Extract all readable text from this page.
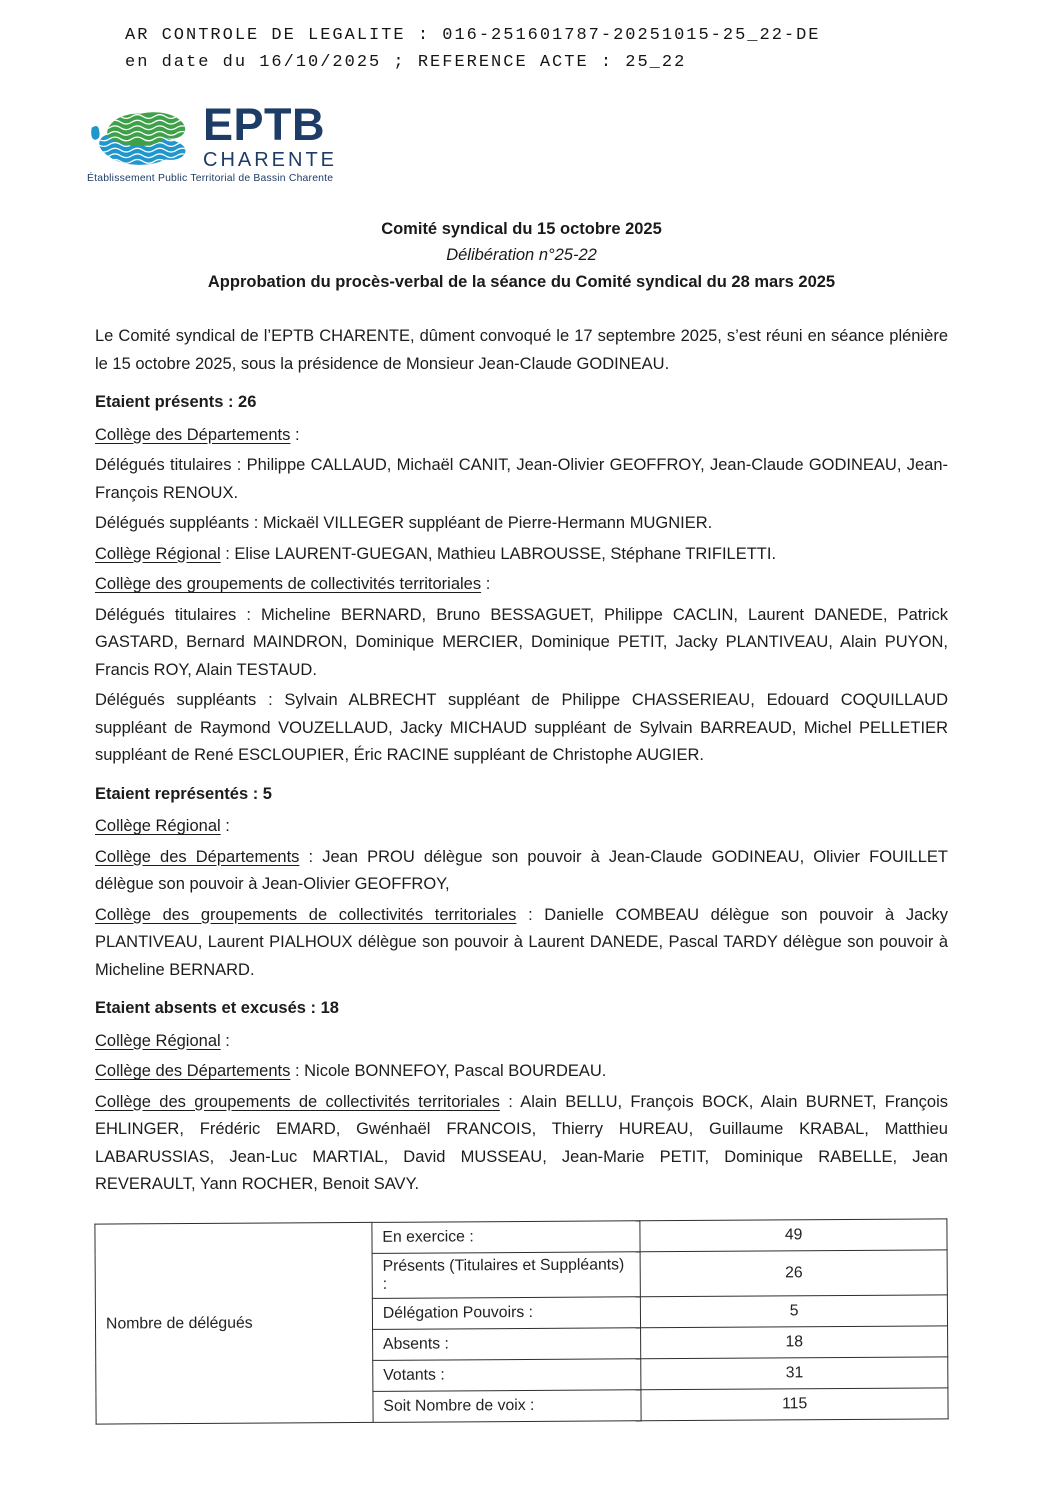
AR CONTROLE DE LEGALITE : 016-251601787-20251015-25_22-DE
en date du 16/10/2025 ; REFERENCE ACTE : 25_22
EPTB
CHARENTE
Établissement Public Territorial de Bassin Charente
Comité syndical du 15 octobre 2025
Délibération n°25-22
Approbation du procès-verbal de la séance du Comité syndical du 28 mars 2025

Le Comité syndical de l’EPTB CHARENTE, dûment convoqué le 17 septembre 2025, s’est réuni en séance plénière le 15 octobre 2025, sous la présidence de Monsieur Jean-Claude GODINEAU.

Etaient présents : 26

Collège des Départements :

Délégués titulaires : Philippe CALLAUD, Michaël CANIT, Jean-Olivier GEOFFROY, Jean-Claude GODINEAU, Jean-François RENOUX.

Délégués suppléants : Mickaël VILLEGER suppléant de Pierre-Hermann MUGNIER.

Collège Régional : Elise LAURENT-GUEGAN, Mathieu LABROUSSE, Stéphane TRIFILETTI.

Collège des groupements de collectivités territoriales :

Délégués titulaires : Micheline BERNARD, Bruno BESSAGUET, Philippe CACLIN, Laurent DANEDE, Patrick GASTARD, Bernard MAINDRON, Dominique MERCIER, Dominique PETIT, Jacky PLANTIVEAU, Alain PUYON, Francis ROY, Alain TESTAUD.

Délégués suppléants : Sylvain ALBRECHT suppléant de Philippe CHASSERIEAU, Edouard COQUILLAUD suppléant de Raymond VOUZELLAUD, Jacky MICHAUD suppléant de Sylvain BARREAUD, Michel PELLETIER suppléant de René ESCLOUPIER, Éric RACINE suppléant de Christophe AUGIER.

Etaient représentés : 5

Collège Régional :

Collège des Départements : Jean PROU délègue son pouvoir à Jean-Claude GODINEAU, Olivier FOUILLET délègue son pouvoir à Jean-Olivier GEOFFROY,

Collège des groupements de collectivités territoriales : Danielle COMBEAU délègue son pouvoir à Jacky PLANTIVEAU, Laurent PIALHOUX délègue son pouvoir à Laurent DANEDE, Pascal TARDY délègue son pouvoir à Micheline BERNARD.

Etaient absents et excusés : 18

Collège Régional :

Collège des Départements : Nicole BONNEFOY, Pascal BOURDEAU.

Collège des groupements de collectivités territoriales : Alain BELLU, François BOCK, Alain BURNET, François EHLINGER, Frédéric EMARD, Gwénhaël FRANCOIS, Thierry HUREAU, Guillaume KRABAL, Matthieu LABARUSSIAS, Jean-Luc MARTIAL, David MUSSEAU, Jean-Marie PETIT, Dominique RABELLE, Jean REVERAULT, Yann ROCHER, Benoit SAVY.

Nombre de délégués	En exercice :	49
	Présents (Titulaires et Suppléants) :	26
	Délégation Pouvoirs :	5
	Absents :	18
	Votants :	31
	Soit Nombre de voix :	115
